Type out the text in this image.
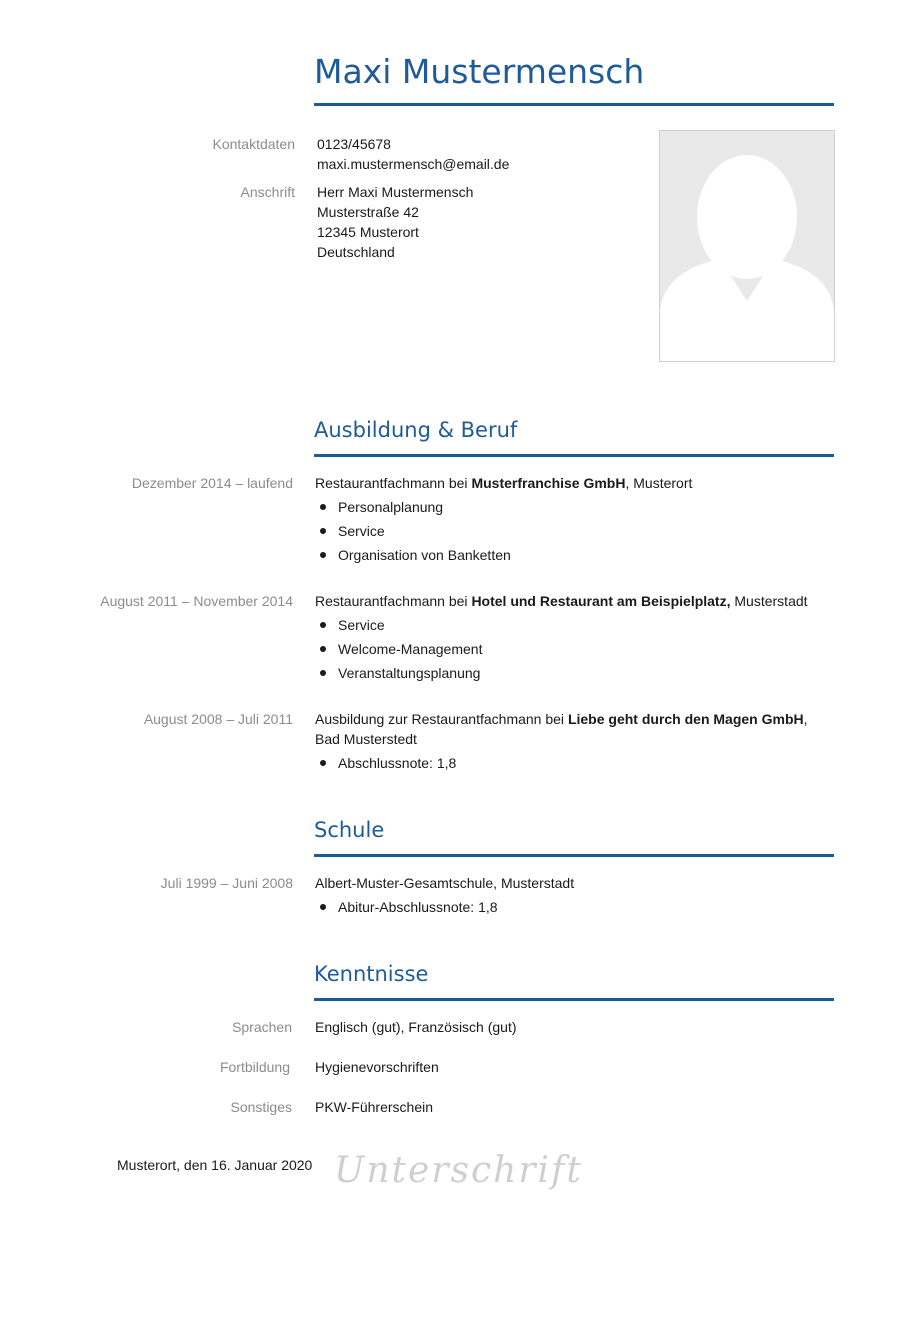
Maxi Mustermensch
Kontaktdaten 0123/45678
maxi.mustermensch@email.de
Anschrift Herr Maxi Mustermensch
Musterstraße 42
12345 Musterort
Deutschland
Ausbildung & Beruf
Dezember 2014 – laufend Restaurantfachmann bei Musterfranchise GmbH, Musterort
Personalplanung
Service
Organisation von Banketten
August 2011 – November 2014 Restaurantfachmann bei Hotel und Restaurant am Beispielplatz, Musterstadt
Service
Welcome-Management
Veranstaltungsplanung
August 2008 – Juli 2011 Ausbildung zur Restaurantfachmann bei Liebe geht durch den Magen GmbH,
Bad Musterstedt
Abschlussnote: 1,8
Schule
Juli 1999 – Juni 2008 Albert-Muster-Gesamtschule, Musterstadt
Abitur-Abschlussnote: 1,8
Kenntnisse
Sprachen Englisch (gut), Französisch (gut)
Fortbildung Hygienevorschriften
Sonstiges PKW-Führerschein
Musterort, den 16. Januar 2020 Unterschrift
